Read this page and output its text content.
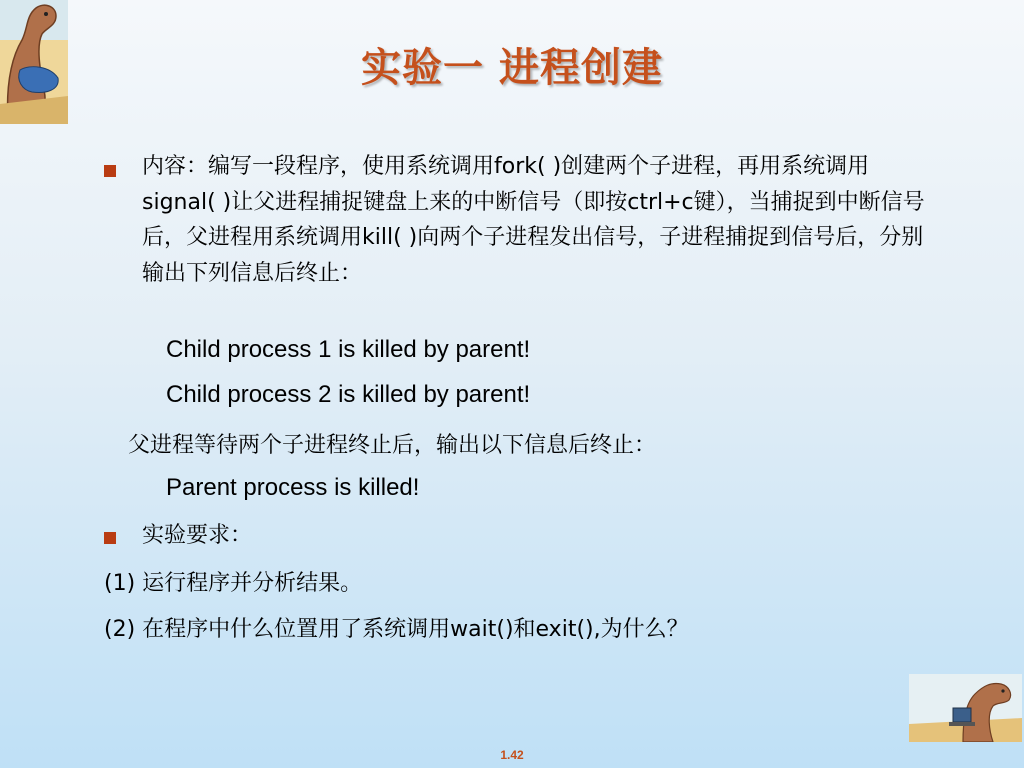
实验一 进程创建
内容：编写一段程序，使用系统调用fork( )创建两个子进程，再用系统调用signal( )让父进程捕捉键盘上来的中断信号（即按ctrl+c键），当捕捉到中断信号后，父进程用系统调用kill( )向两个子进程发出信号，子进程捕捉到信号后，分别输出下列信息后终止：
Child process 1 is killed by parent!
Child process 2 is killed by parent!
父进程等待两个子进程终止后，输出以下信息后终止：
Parent process is killed!
实验要求：
(1) 运行程序并分析结果。
(2) 在程序中什么位置用了系统调用wait()和exit(),为什么？
1.42
